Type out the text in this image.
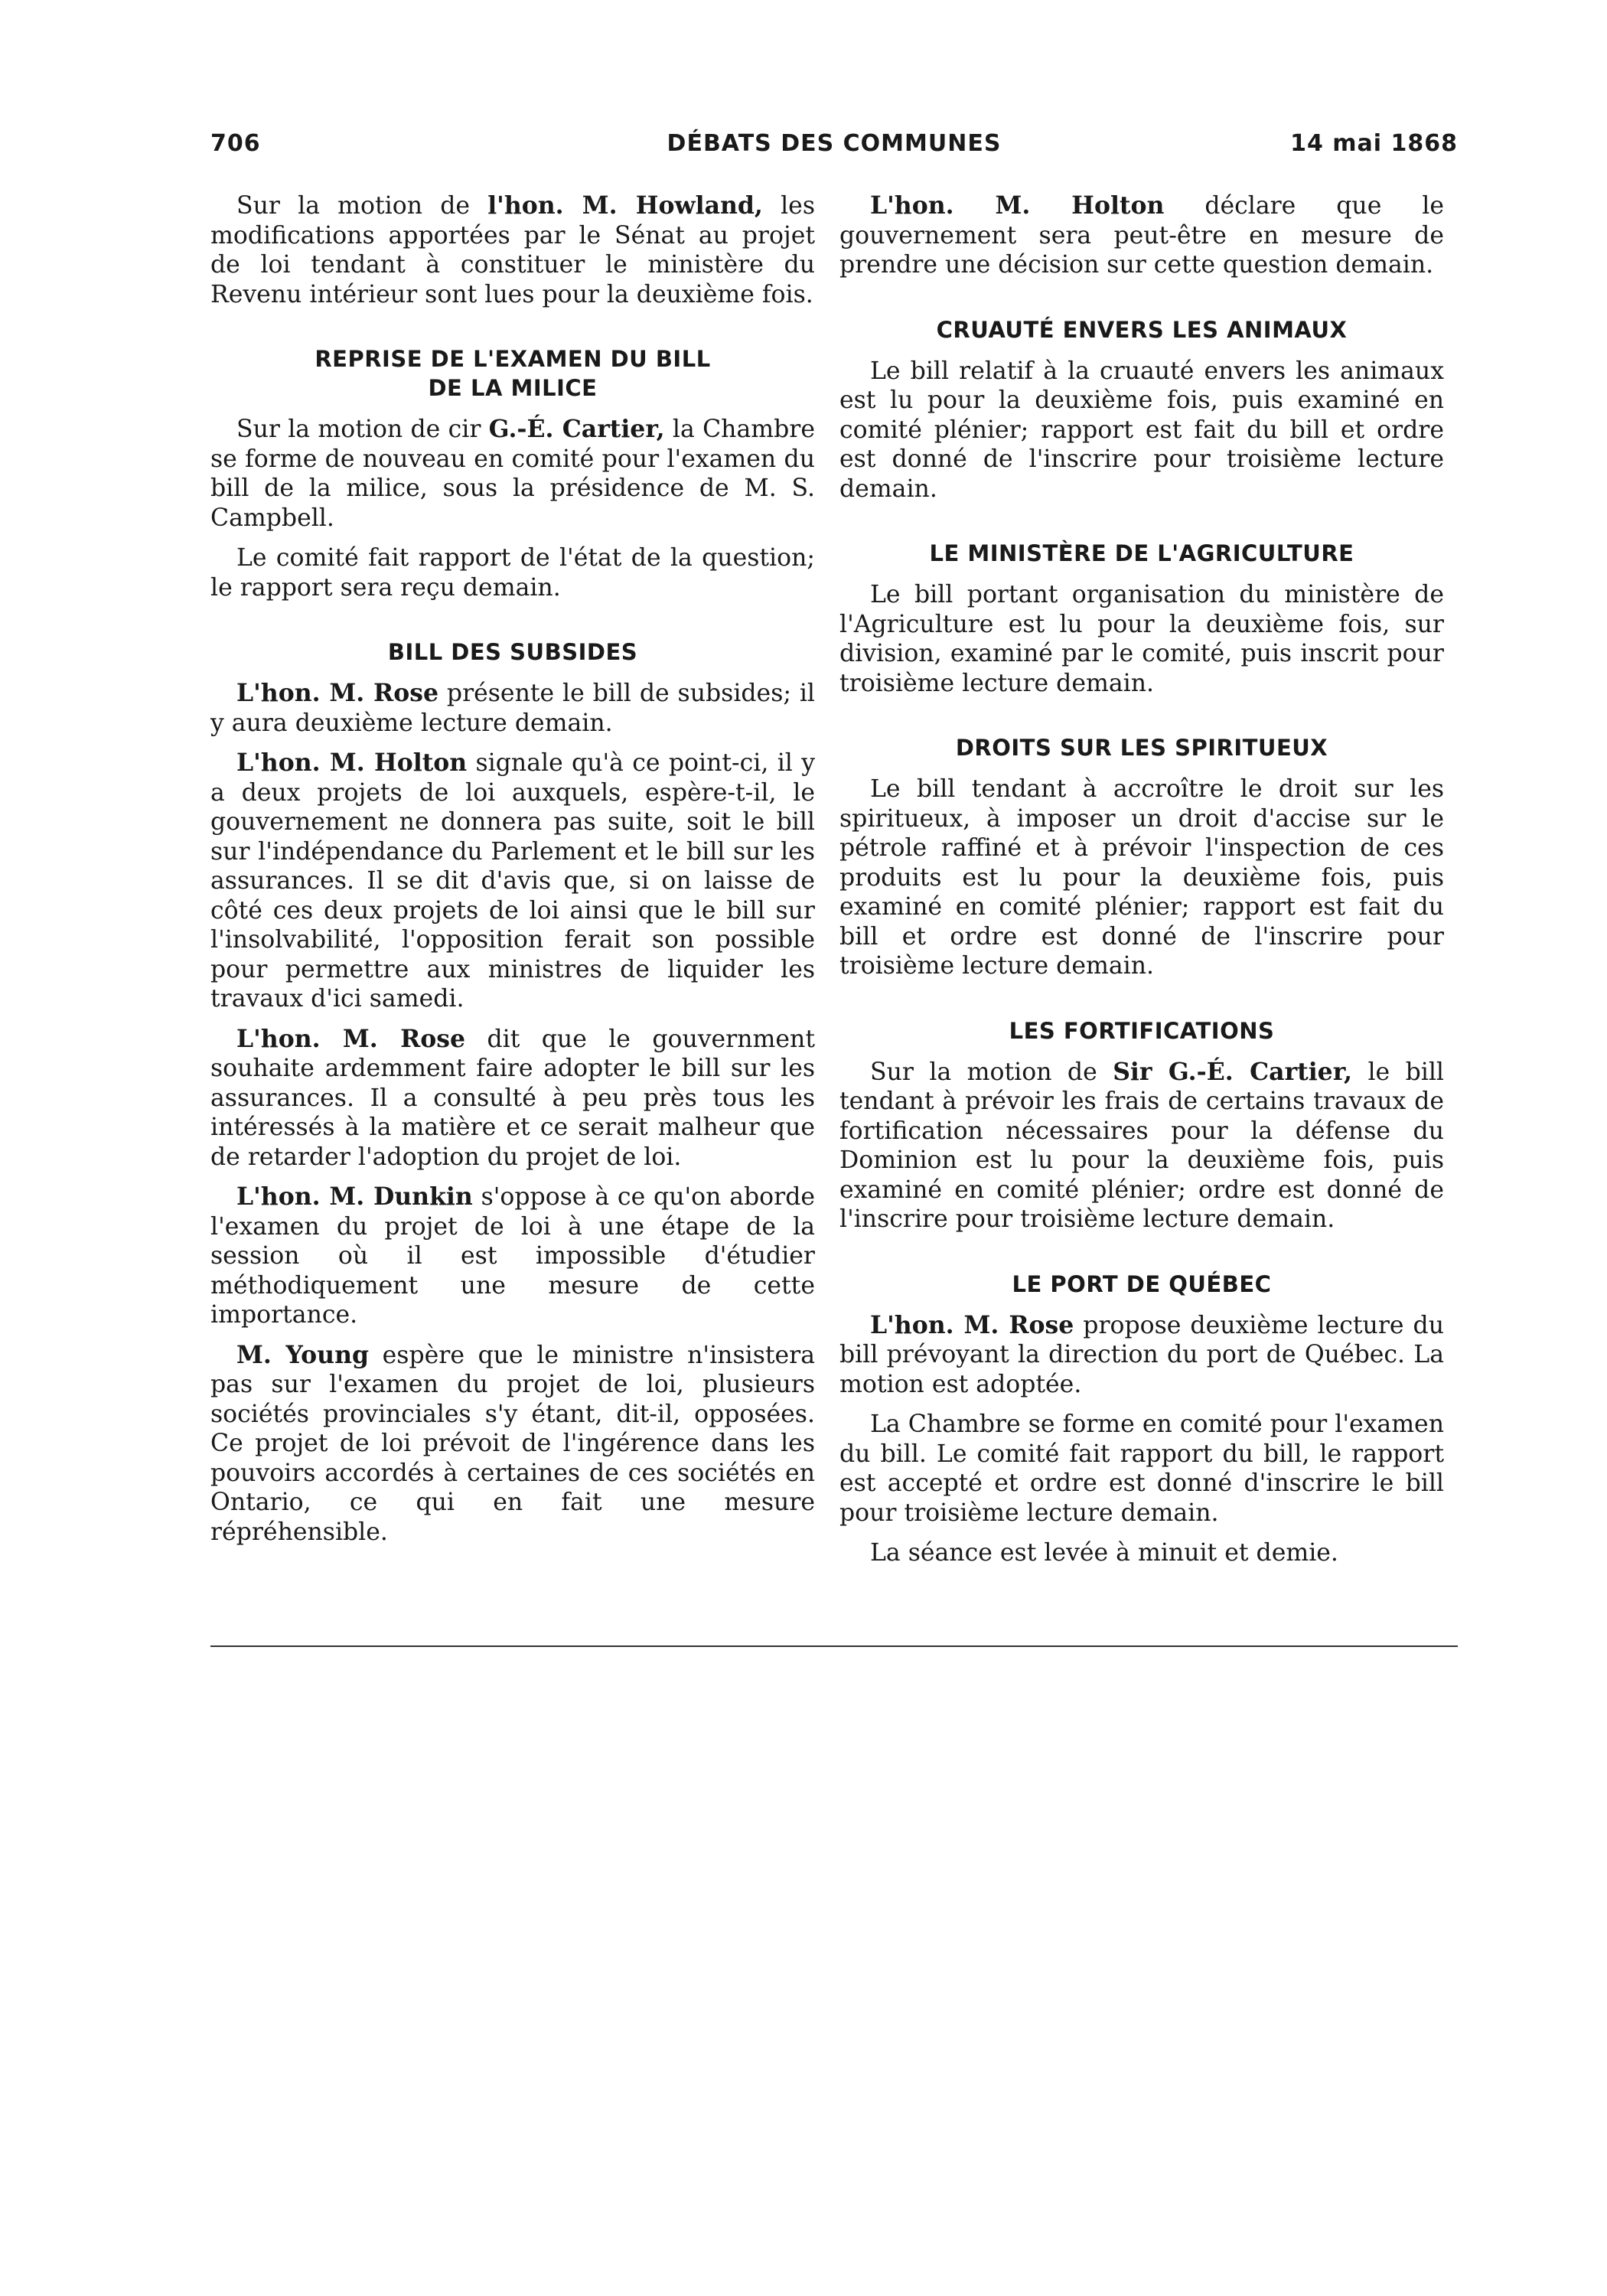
706	DÉBATS DES COMMUNES	14 mai 1868

Sur la motion de l'hon. M. Howland, les modifications apportées par le Sénat au projet de loi tendant à constituer le ministère du Revenu intérieur sont lues pour la deuxième fois.

REPRISE DE L'EXAMEN DU BILL
DE LA MILICE

Sur la motion de cir G.-É. Cartier, la Chambre se forme de nouveau en comité pour l'examen du bill de la milice, sous la présidence de M. S. Campbell.

Le comité fait rapport de l'état de la question; le rapport sera reçu demain.

BILL DES SUBSIDES

L'hon. M. Rose présente le bill de subsides; il y aura deuxième lecture demain.

L'hon. M. Holton signale qu'à ce point-ci, il y a deux projets de loi auxquels, espère-t-il, le gouvernement ne donnera pas suite, soit le bill sur l'indépendance du Parlement et le bill sur les assurances. Il se dit d'avis que, si on laisse de côté ces deux projets de loi ainsi que le bill sur l'insolvabilité, l'opposition ferait son possible pour permettre aux ministres de liquider les travaux d'ici samedi.

L'hon. M. Rose dit que le gouvernment souhaite ardemment faire adopter le bill sur les assurances. Il a consulté à peu près tous les intéressés à la matière et ce serait malheur que de retarder l'adoption du projet de loi.

L'hon. M. Dunkin s'oppose à ce qu'on aborde l'examen du projet de loi à une étape de la session où il est impossible d'étudier méthodiquement une mesure de cette importance.

M. Young espère que le ministre n'insistera pas sur l'examen du projet de loi, plusieurs sociétés provinciales s'y étant, dit-il, opposées. Ce projet de loi prévoit de l'ingérence dans les pouvoirs accordés à certaines de ces sociétés en Ontario, ce qui en fait une mesure répréhensible.

L'hon. M. Holton déclare que le gouvernement sera peut-être en mesure de prendre une décision sur cette question demain.

CRUAUTÉ ENVERS LES ANIMAUX

Le bill relatif à la cruauté envers les animaux est lu pour la deuxième fois, puis examiné en comité plénier; rapport est fait du bill et ordre est donné de l'inscrire pour troisième lecture demain.

LE MINISTÈRE DE L'AGRICULTURE

Le bill portant organisation du ministère de l'Agriculture est lu pour la deuxième fois, sur division, examiné par le comité, puis inscrit pour troisième lecture demain.

DROITS SUR LES SPIRITUEUX

Le bill tendant à accroître le droit sur les spiritueux, à imposer un droit d'accise sur le pétrole raffiné et à prévoir l'inspection de ces produits est lu pour la deuxième fois, puis examiné en comité plénier; rapport est fait du bill et ordre est donné de l'inscrire pour troisième lecture demain.

LES FORTIFICATIONS

Sur la motion de Sir G.-É. Cartier, le bill tendant à prévoir les frais de certains travaux de fortification nécessaires pour la défense du Dominion est lu pour la deuxième fois, puis examiné en comité plénier; ordre est donné de l'inscrire pour troisième lecture demain.

LE PORT DE QUÉBEC

L'hon. M. Rose propose deuxième lecture du bill prévoyant la direction du port de Québec. La motion est adoptée.

La Chambre se forme en comité pour l'examen du bill. Le comité fait rapport du bill, le rapport est accepté et ordre est donné d'inscrire le bill pour troisième lecture demain.

La séance est levée à minuit et demie.
